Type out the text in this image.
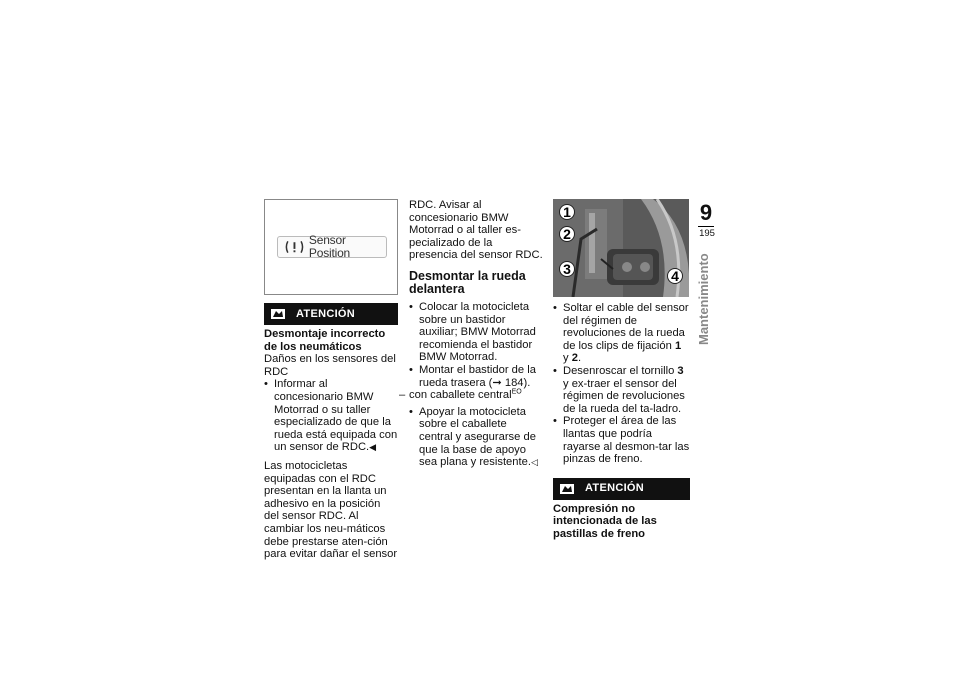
Sensor Position
ATENCIÓN
Desmontaje incorrecto de los neumáticos
Daños en los sensores del RDC
• Informar al concesionario BMW Motorrad o su taller especializado de que la rueda está equipada con un sensor de RDC.◀

Las motocicletas equipadas con el RDC presentan en la llanta un adhesivo en la posición del sensor RDC. Al cambiar los neu-máticos debe prestarse aten-ción para evitar dañar el sensor

RDC. Avisar al concesionario BMW Motorrad o al taller es-pecializado de la presencia del sensor RDC.

Desmontar la rueda delantera
• Colocar la motocicleta sobre un bastidor auxiliar; BMW Motorrad recomienda el bastidor BMW Motorrad.
• Montar el bastidor de la rueda trasera (➞ 184).
– con caballete central$^{EO}$
• Apoyar la motocicleta sobre el caballete central y asegurarse de que la base de apoyo sea plana y resistente.◁
1
2
3	4
• Soltar el cable del sensor del régimen de revoluciones de la rueda de los clips de fijación 1
y 2.
• Desenroscar el tornillo 3 y ex-traer el sensor del régimen de revoluciones de la rueda del ta-ladro.
• Proteger el área de las llantas que podría rayarse al desmon-tar las pinzas de freno.
ATENCIÓN
Compresión no intencionada de las pastillas de freno
9
195
Mantenimiento
